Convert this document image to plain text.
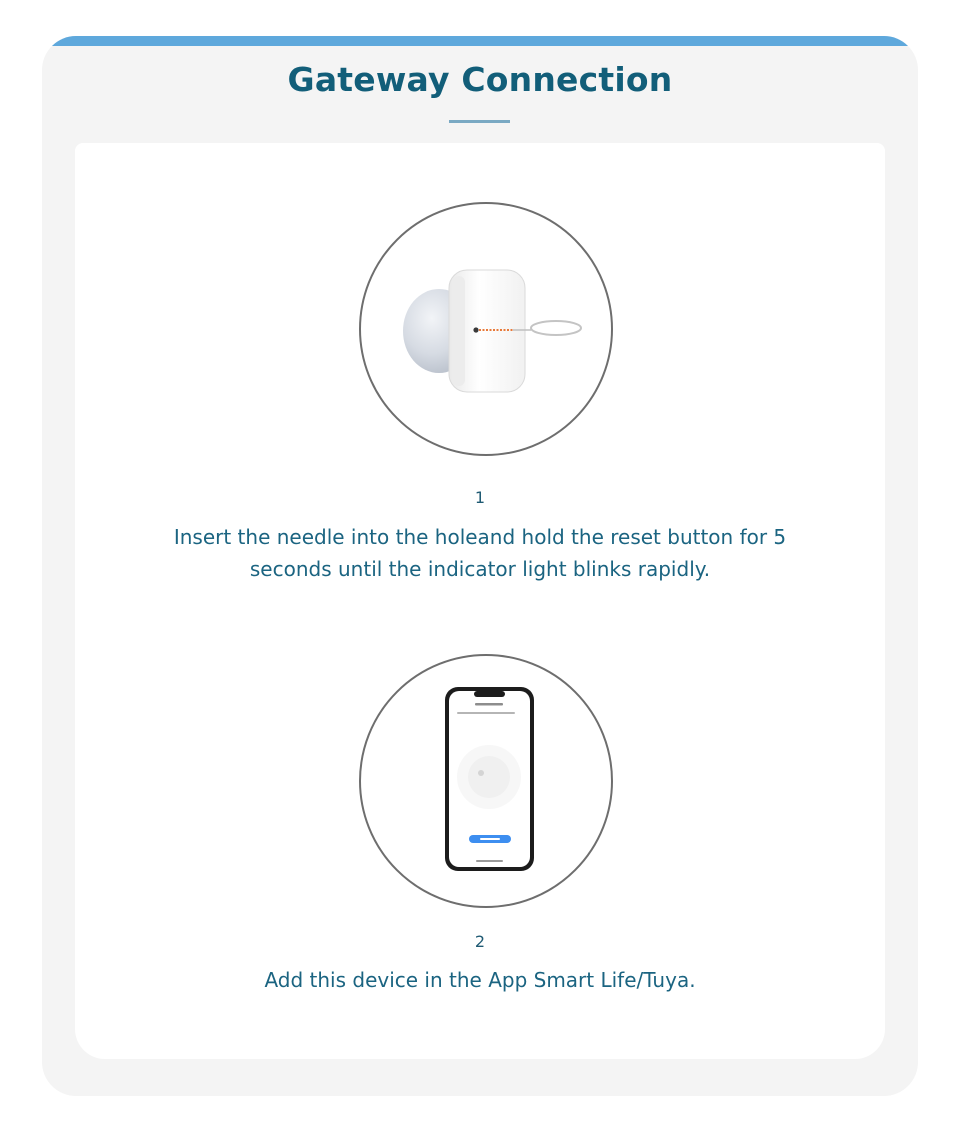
Gateway Connection
1
Insert the needle into the holeand hold the reset button for 5 seconds until the indicator light blinks rapidly.
2
Add this device in the App Smart Life/Tuya.
